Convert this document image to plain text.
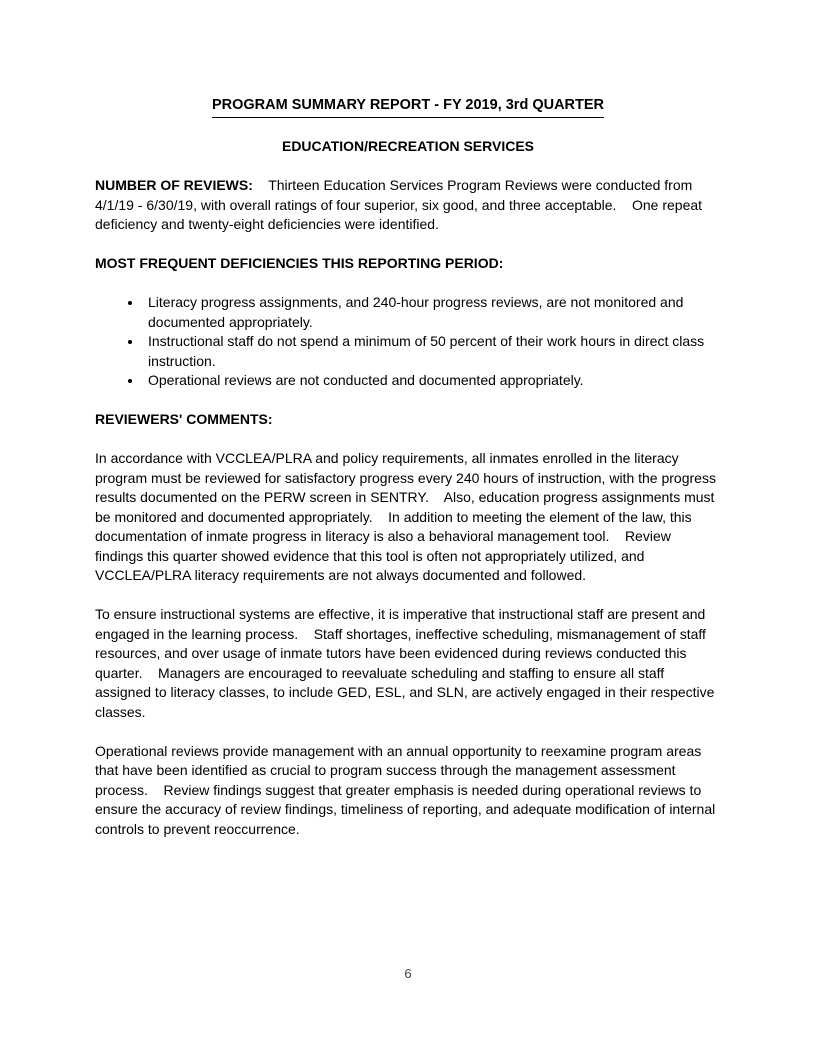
PROGRAM SUMMARY REPORT - FY 2019, 3rd QUARTER
EDUCATION/RECREATION SERVICES

NUMBER OF REVIEWS:    Thirteen Education Services Program Reviews were conducted from 4/1/19 - 6/30/19, with overall ratings of four superior, six good, and three acceptable.    One repeat deficiency and twenty-eight deficiencies were identified.

MOST FREQUENT DEFICIENCIES THIS REPORTING PERIOD:
• Literacy progress assignments, and 240-hour progress reviews, are not monitored and documented appropriately.
• Instructional staff do not spend a minimum of 50 percent of their work hours in direct class instruction.
• Operational reviews are not conducted and documented appropriately.
REVIEWERS' COMMENTS:

In accordance with VCCLEA/PLRA and policy requirements, all inmates enrolled in the literacy program must be reviewed for satisfactory progress every 240 hours of instruction, with the progress results documented on the PERW screen in SENTRY.    Also, education progress assignments must be monitored and documented appropriately.    In addition to meeting the element of the law, this documentation of inmate progress in literacy is also a behavioral management tool.    Review findings this quarter showed evidence that this tool is often not appropriately utilized, and VCCLEA/PLRA literacy requirements are not always documented and followed.

To ensure instructional systems are effective, it is imperative that instructional staff are present and engaged in the learning process.    Staff shortages, ineffective scheduling, mismanagement of staff resources, and over usage of inmate tutors have been evidenced during reviews conducted this quarter.    Managers are encouraged to reevaluate scheduling and staffing to ensure all staff assigned to literacy classes, to include GED, ESL, and SLN, are actively engaged in their respective classes.

Operational reviews provide management with an annual opportunity to reexamine program areas that have been identified as crucial to program success through the management assessment process.    Review findings suggest that greater emphasis is needed during operational reviews to ensure the accuracy of review findings, timeliness of reporting, and adequate modification of internal controls to prevent reoccurrence.

6
